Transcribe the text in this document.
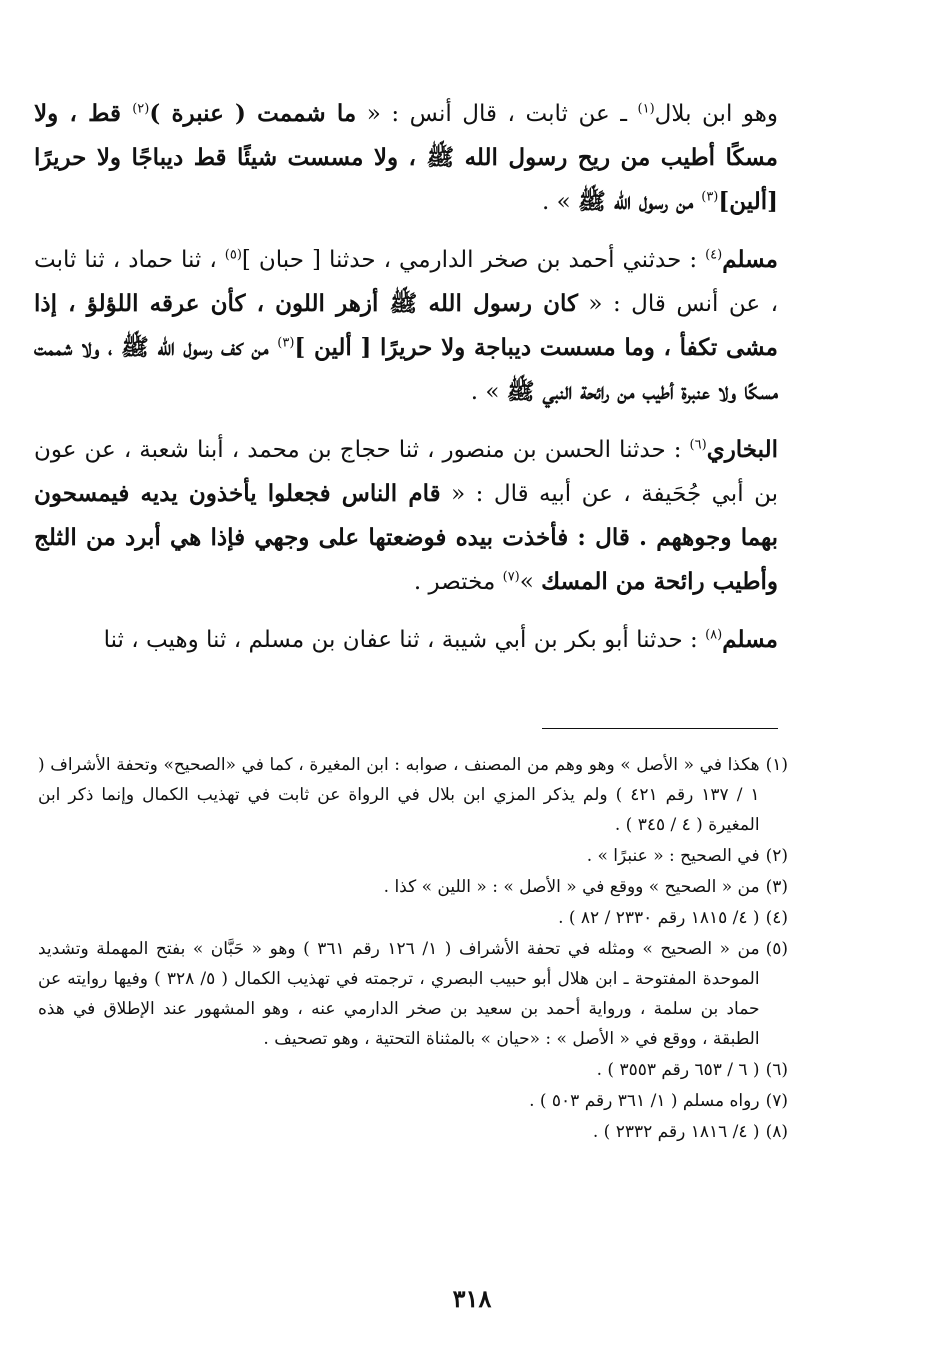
وهو ابن بلال$^{(١)}$ ـ عن ثابت ، قال أنس : « ما شممت ( عنبرة )$^{(٢)}$ قط ، ولا مسكًا أطيب من ريح رسول الله ﷺ ، ولا مسست شيئًا قط ديباجًا ولا حريرًا [ألين]$^{(٣)}$ من رسول الله ﷺ » .

مسلم$^{(٤)}$ : حدثني أحمد بن صخر الدارمي ، حدثنا [ حبان ]$^{(٥)}$ ، ثنا حماد ، ثنا ثابت ، عن أنس قال : « كان رسول الله ﷺ أزهر اللون ، كأن عرقه اللؤلؤ ، إذا مشى تكفأ ، وما مسست ديباجة ولا حريرًا [ ألين ]$^{(٣)}$ من كف رسول الله ﷺ ، ولا شممت مسكًا ولا عنبرة أطيب من رائحة النبي ﷺ » .

البخاري$^{(٦)}$ : حدثنا الحسن بن منصور ، ثنا حجاج بن محمد ، أبنا شعبة ، عن عون بن أبي جُحَيفة ، عن أبيه قال : « قام الناس فجعلوا يأخذون يديه فيمسحون بهما وجوههم . قال : فأخذت بيده فوضعتها على وجهي فإذا هي أبرد من الثلج وأطيب رائحة من المسك »$^{(٧)}$ مختصر .

مسلم$^{(٨)}$ : حدثنا أبو بكر بن أبي شيبة ، ثنا عفان بن مسلم ، ثنا وهيب ، ثنا

(١)
هكذا في « الأصل » وهو وهم من المصنف ، صوابه : ابن المغيرة ، كما في «الصحيح» وتحفة الأشراف ( ١ / ١٣٧ رقم ٤٢١ ) ولم يذكر المزي ابن بلال في الرواة عن ثابت في تهذيب الكمال وإنما ذكر ابن المغيرة ( ٤ / ٣٤٥ ) .
(٢)
في الصحيح : « عنبرًا » .
(٣)
من « الصحيح » ووقع في « الأصل » : « اللين » كذا .
(٤)
( ٤/ ١٨١٥ رقم ٢٣٣٠ / ٨٢ ) .
(٥)
من « الصحيح » ومثله في تحفة الأشراف ( ١/ ١٢٦ رقم ٣٦١ ) وهو « حَبَّان » بفتح المهملة وتشديد الموحدة المفتوحة ـ ابن هلال أبو حبيب البصري ، ترجمته في تهذيب الكمال ( ٥/ ٣٢٨ ) وفيها روايته عن حماد بن سلمة ، ورواية أحمد بن سعيد بن صخر الدارمي عنه ، وهو المشهور عند الإطلاق في هذه الطبقة ، ووقع في « الأصل » : «حيان » بالمثناة التحتية ، وهو تصحيف .
(٦)
( ٦ / ٦٥٣ رقم ٣٥٥٣ ) .
(٧)
رواه مسلم ( ١/ ٣٦١ رقم ٥٠٣ ) .
(٨)
( ٤/ ١٨١٦ رقم ٢٣٣٢ ) .
٣١٨
